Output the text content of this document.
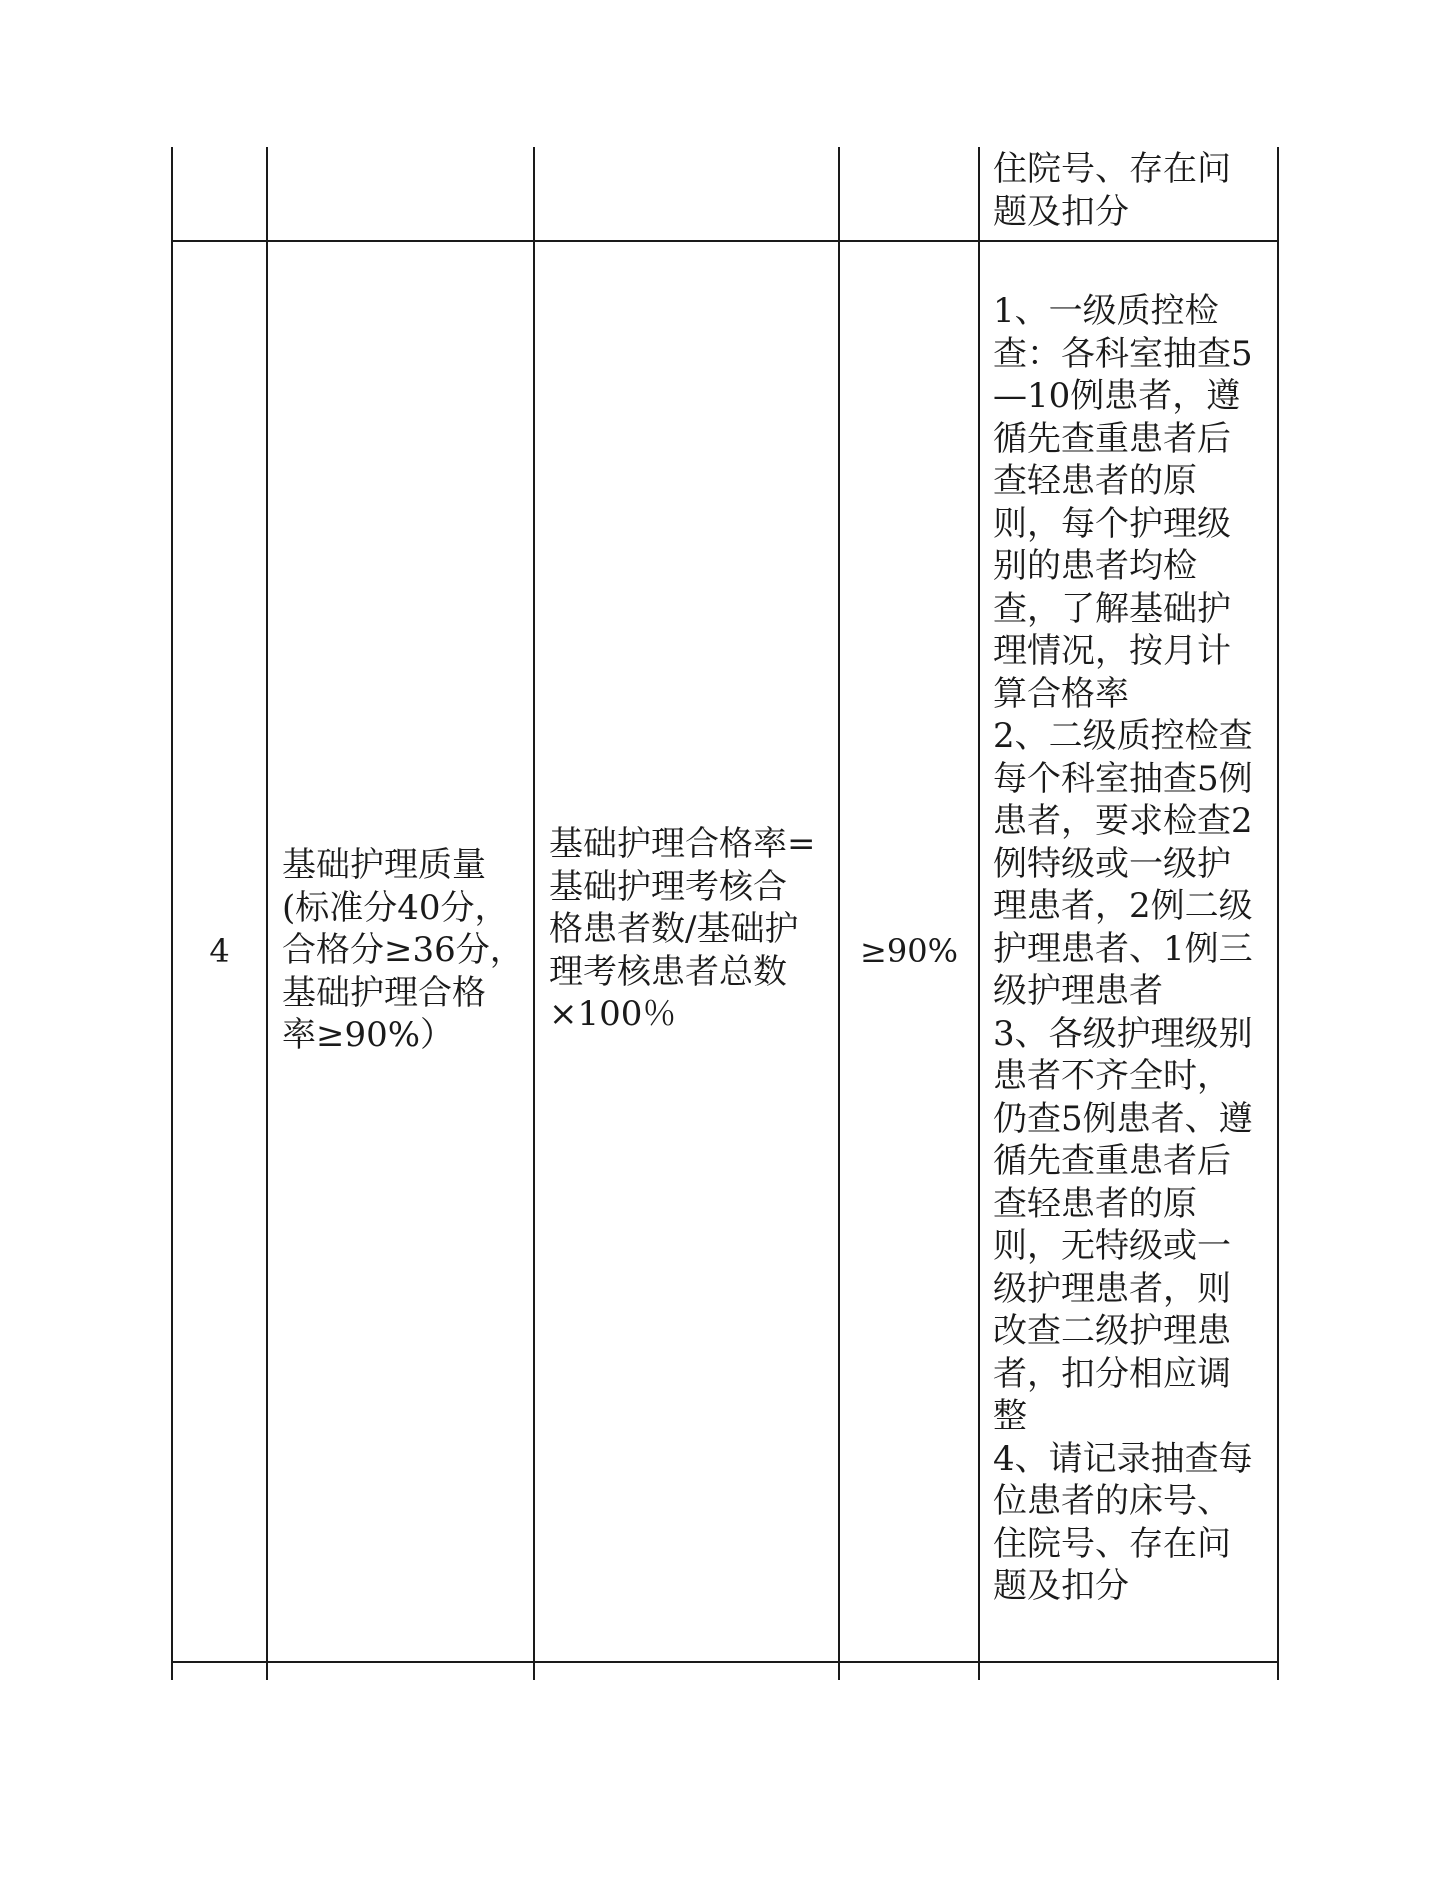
住院号、存在问
题及扣分
4
基础护理质量
(标准分40分，
合格分≥36分，
基础护理合格
率≥90%）
基础护理合格率=
基础护理考核合
格患者数/基础护
理考核患者总数
×100％
≥90%
1、一级质控检
查：各科室抽查5
—10例患者，遵
循先查重患者后
查轻患者的原
则，每个护理级
别的患者均检
查，了解基础护
理情况，按月计
算合格率
2、二级质控检查
每个科室抽查5例
患者，要求检查2
例特级或一级护
理患者，2例二级
护理患者、1例三
级护理患者
3、各级护理级别
患者不齐全时，
仍查5例患者、遵
循先查重患者后
查轻患者的原
则，无特级或一
级护理患者，则
改查二级护理患
者，扣分相应调
整
4、请记录抽查每
位患者的床号、
住院号、存在问
题及扣分
